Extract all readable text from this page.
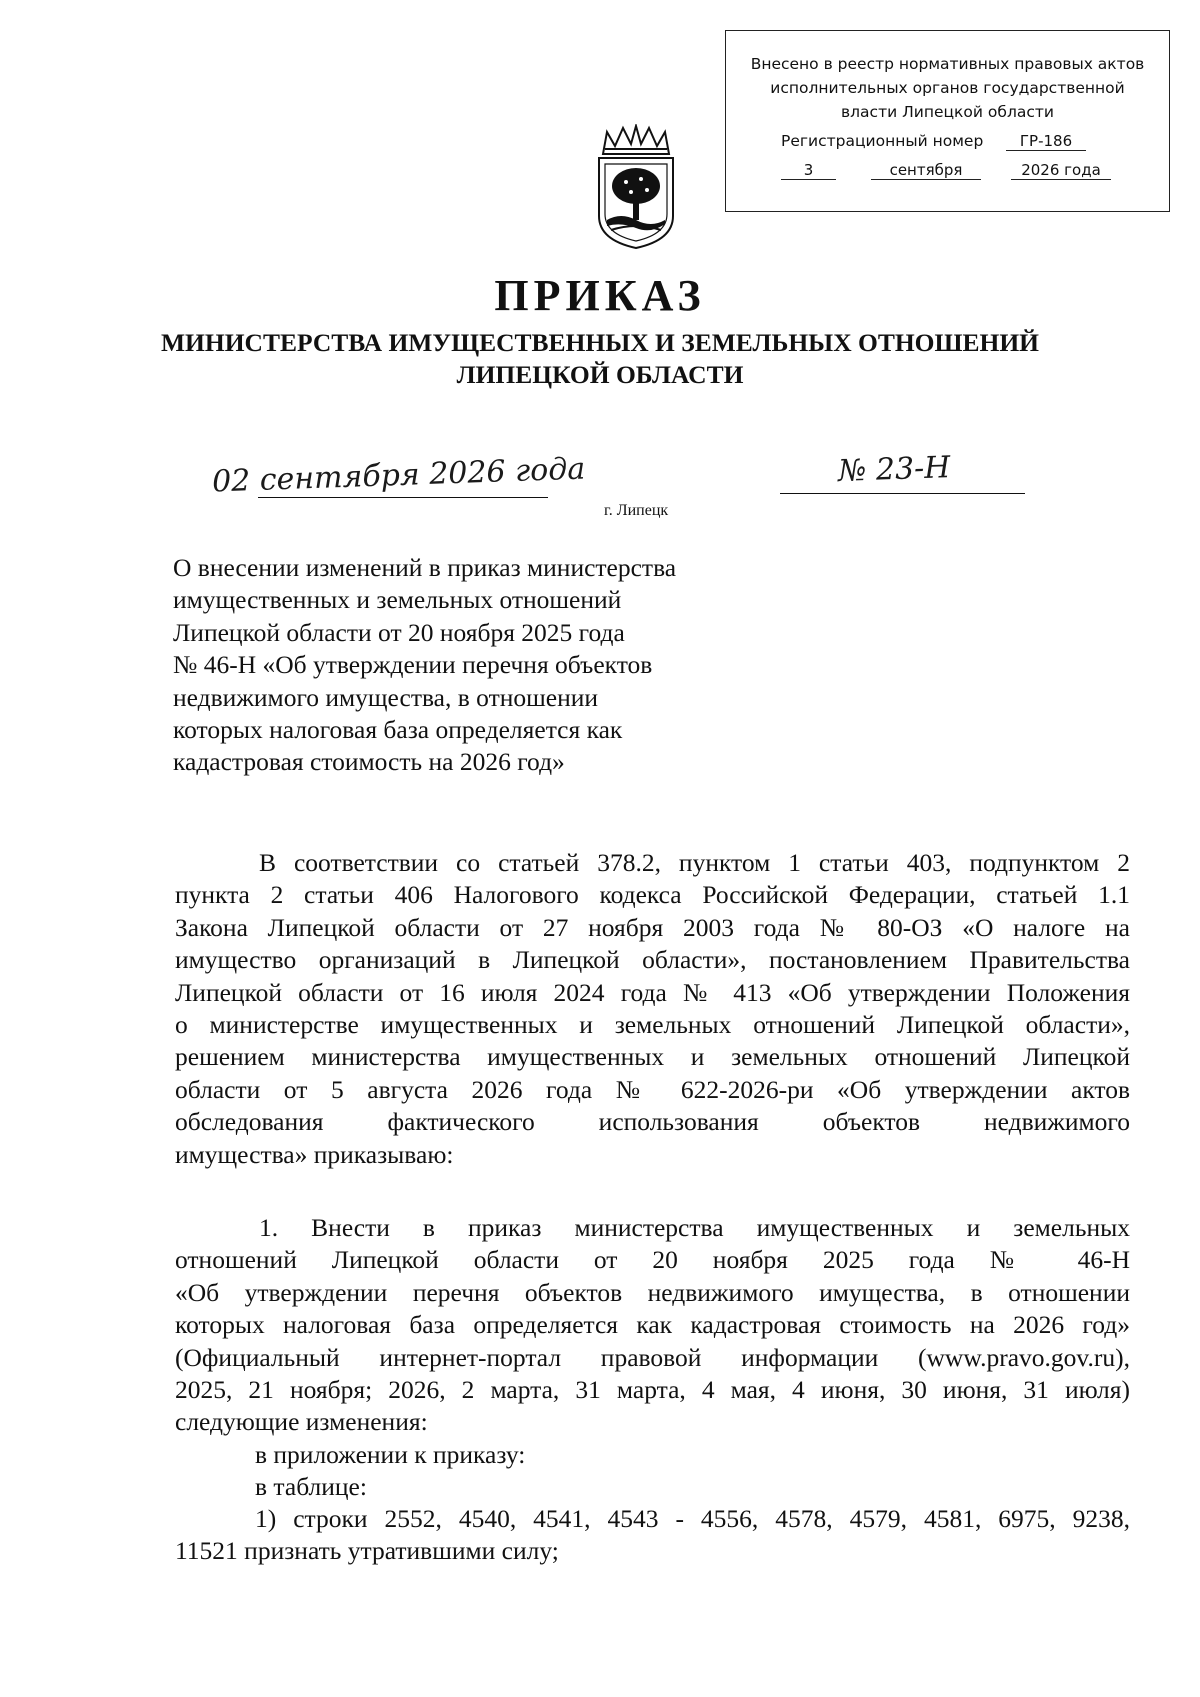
Внесено в реестр нормативных правовых актов
исполнительных органов государственной
власти Липецкой области
Регистрационный номер	ГР-186
3	сентября	2026 года
ПРИКАЗ
МИНИСТЕРСТВА ИМУЩЕСТВЕННЫХ И ЗЕМЕЛЬНЫХ ОТНОШЕНИЙ
ЛИПЕЦКОЙ ОБЛАСТИ
02 сентября 2026 года	№ 23-Н
г. Липецк
О внесении изменений в приказ министерства
имущественных и земельных отношений
Липецкой области от 20 ноября 2025 года
№ 46-Н «Об утверждении перечня объектов
недвижимого имущества, в отношении
которых налоговая база определяется как
кадастровая стоимость на 2026 год»
В соответствии со статьей 378.2, пунктом 1 статьи 403, подпунктом 2
пункта 2 статьи 406 Налогового кодекса Российской Федерации, статьей 1.1
Закона Липецкой области от 27 ноября 2003 года № 80-ОЗ «О налоге на
имущество организаций в Липецкой области», постановлением Правительства
Липецкой области от 16 июля 2024 года № 413 «Об утверждении Положения
о министерстве имущественных и земельных отношений Липецкой области»,
решением министерства имущественных и земельных отношений Липецкой
области от 5 августа 2026 года № 622-2026-ри «Об утверждении актов
обследования фактического использования объектов недвижимого
имущества» приказываю:
1. Внести в приказ министерства имущественных и земельных
отношений Липецкой области от 20 ноября 2025 года № 46-Н
«Об утверждении перечня объектов недвижимого имущества, в отношении
которых налоговая база определяется как кадастровая стоимость на 2026 год»
(Официальный интернет-портал правовой информации (www.pravo.gov.ru),
2025, 21 ноября; 2026, 2 марта, 31 марта, 4 мая, 4 июня, 30 июня, 31 июля)
следующие изменения:
в приложении к приказу:
в таблице:
1) строки 2552, 4540, 4541, 4543 - 4556, 4578, 4579, 4581, 6975, 9238,
11521 признать утратившими силу;
